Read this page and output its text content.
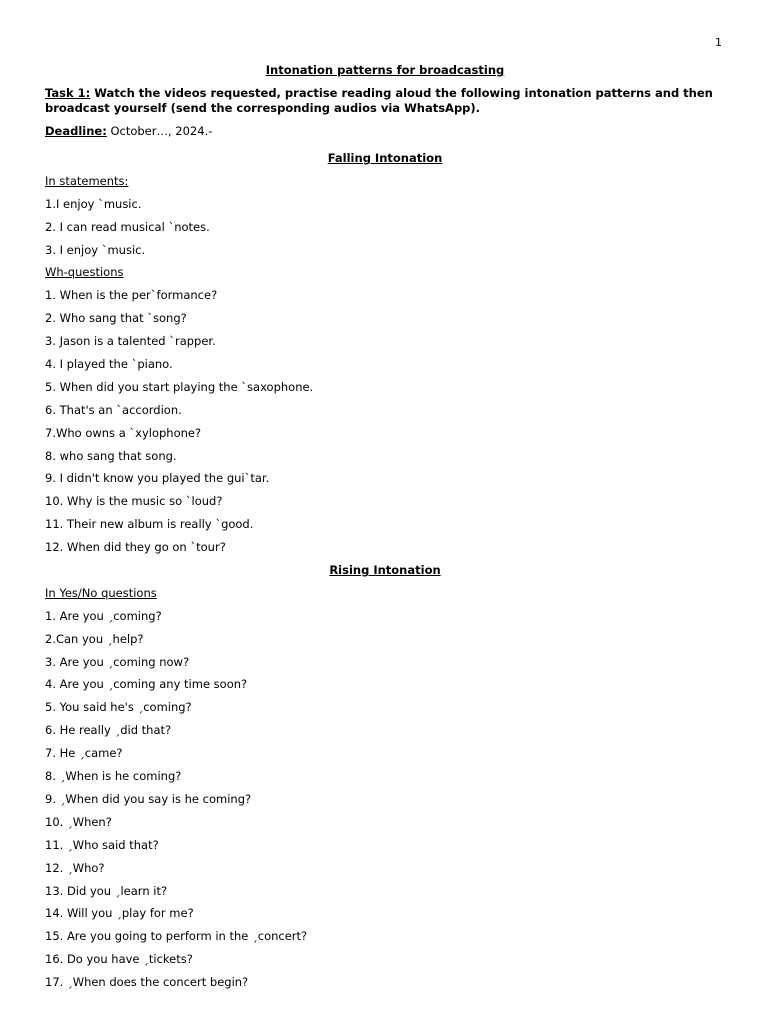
1
Intonation patterns for broadcasting
Task 1: Watch the videos requested, practise reading aloud the following intonation patterns and then broadcast yourself (send the corresponding audios via WhatsApp).
Deadline: October…, 2024.-
Falling Intonation
In statements:
1.I enjoy `music.
2. I can read musical `notes.
3. I enjoy `music.
Wh-questions
1. When is the per`formance?
2. Who sang that `song?
3. Jason is a talented `rapper.
4. I played the `piano.
5. When did you start playing the `saxophone.
6. That's an `accordion.
7.Who owns a `xylophone?
8. who sang that song.
9. I didn't know you played the gui`tar.
10. Why is the music so `loud?
11. Their new album is really `good.
12. When did they go on `tour?
Rising Intonation
In Yes/No questions
1. Are you ˏcoming?
2.Can you ˏhelp?
3. Are you ˏcoming now?
4. Are you ˏcoming any time soon?
5. You said he's ˏcoming?
6. He really ˏdid that?
7. He ˏcame?
8. ˏWhen is he coming?
9. ˏWhen did you say is he coming?
10. ˏWhen?
11. ˏWho said that?
12. ˏWho?
13. Did you ˏlearn it?
14. Will you ˏplay for me?
15. Are you going to perform in the ˏconcert?
16. Do you have ˏtickets?
17. ˏWhen does the concert begin?
